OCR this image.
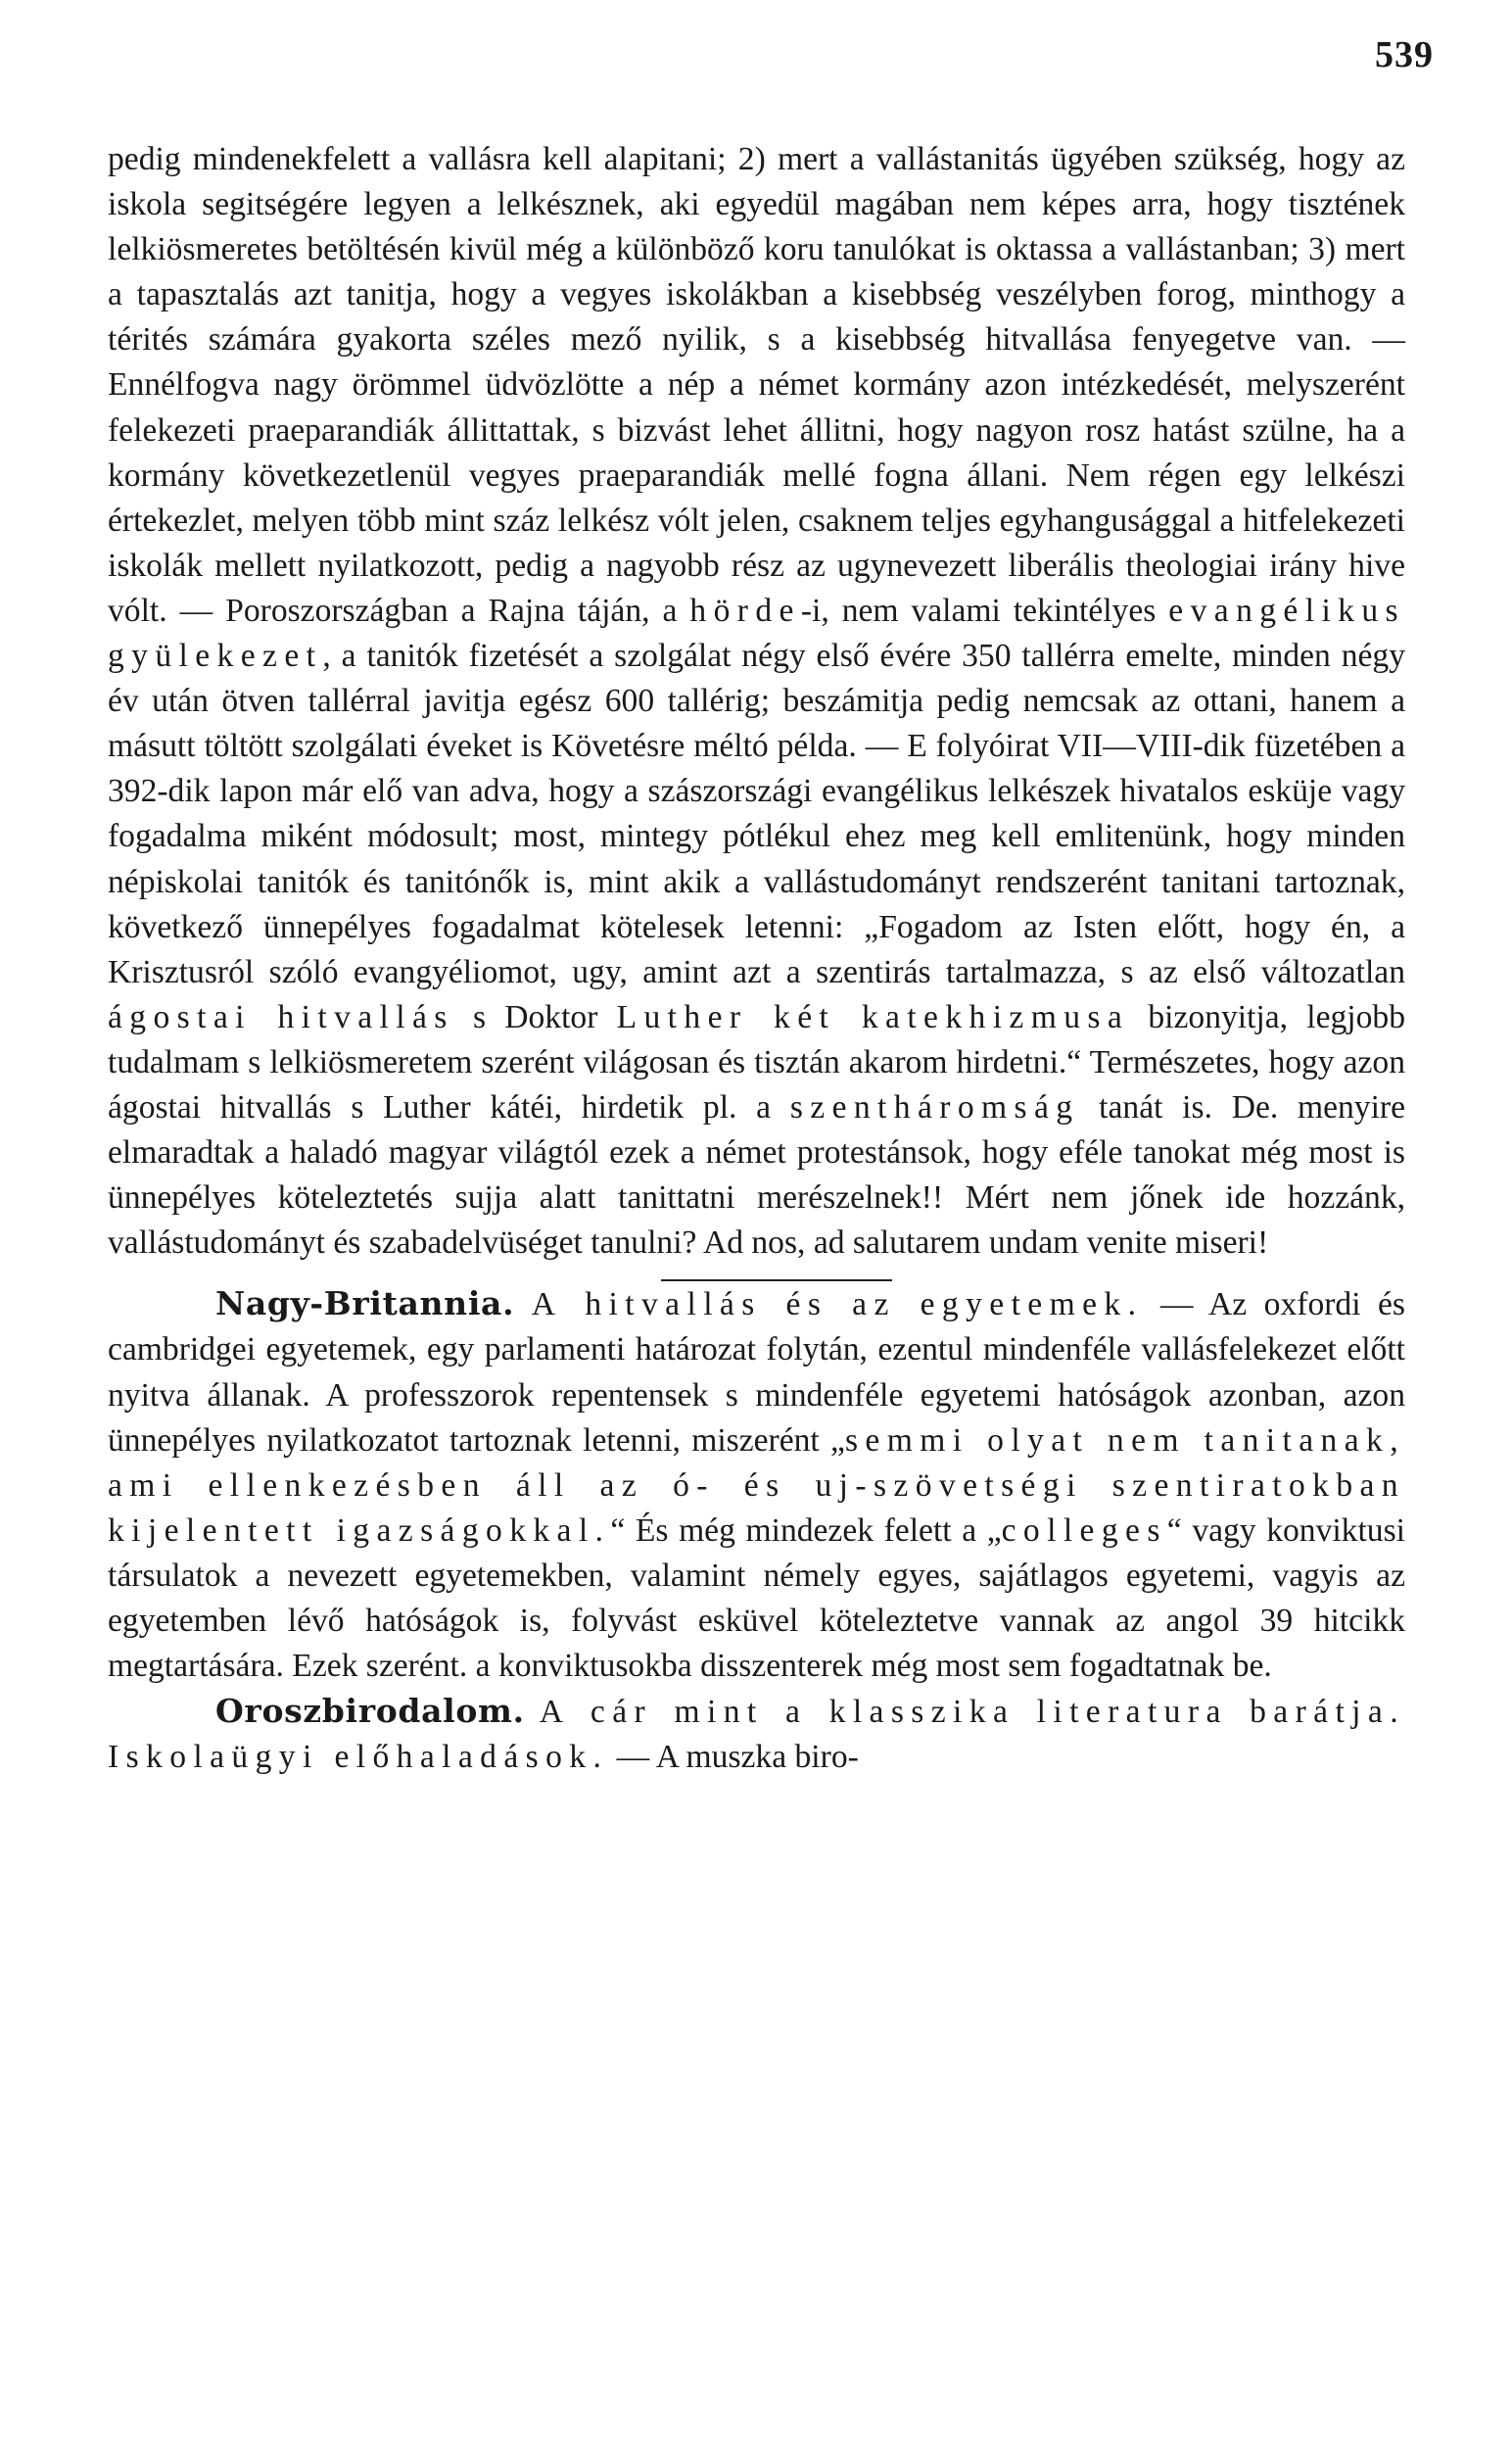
539

pedig mindenekfelett a vallásra kell alapitani; 2) mert a vallástanitás ügyében szükség, hogy az iskola segitségére legyen a lelkésznek, aki egyedül magában nem képes arra, hogy tisztének lelkiösmeretes betöltésén kivül még a különböző koru tanulókat is oktassa a vallástanban; 3) mert a tapasztalás azt tanitja, hogy a vegyes iskolákban a kisebbség veszélyben forog, minthogy a térités számára gyakorta széles mező nyilik, s a kisebbség hitvallása fenyegetve van. — Ennélfogva nagy örömmel üdvözlötte a nép a német kormány azon intézkedését, melyszerént felekezeti praeparandiák állittattak, s bizvást lehet állitni, hogy nagyon rosz hatást szülne, ha a kormány következetlenül vegyes praeparandiák mellé fogna állani. Nem régen egy lelkészi értekezlet, melyen több mint száz lelkész vólt jelen, csaknem teljes egyhangusággal a hitfelekezeti iskolák mellett nyilatkozott, pedig a nagyobb rész az ugynevezett liberális theologiai irány hive vólt. — Poroszországban a Rajna táján, a hörde-i, nem valami tekintélyes evangélikus gyülekezet, a tanitók fizetését a szolgálat négy első évére 350 tallérra emelte, minden négy év után ötven tallérral javitja egész 600 tallérig; beszámitja pedig nemcsak az ottani, hanem a másutt töltött szolgálati éveket is Követésre méltó példa. — E folyóirat VII—VIII-dik füzetében a 392-dik lapon már elő van adva, hogy a szászországi evangélikus lelkészek hivatalos esküje vagy fogadalma miként módosult; most, mintegy pótlékul ehez meg kell emlitenünk, hogy minden népiskolai tanitók és tanitónők is, mint akik a vallástudományt rendszerént tanitani tartoznak, következő ünnepélyes fogadalmat kötelesek letenni: „Fogadom az Isten előtt, hogy én, a Krisztusról szóló evangyéliomot, ugy, amint azt a szentirás tartalmazza, s az első változatlan ágostai hitvallás s Doktor Luther két katekhizmusa bizonyitja, legjobb tudalmam s lelkiösmeretem szerént világosan és tisztán akarom hirdetni.“ Természetes, hogy azon ágostai hitvallás s Luther kátéi, hirdetik pl. a szentháromság tanát is. De. menyire elmaradtak a haladó magyar világtól ezek a német protestánsok, hogy eféle tanokat még most is ünnepélyes köteleztetés sujja alatt tanittatni merészelnek!! Mért nem jőnek ide hozzánk, vallástudományt és szabadelvüséget tanulni? Ad nos, ad salutarem undam venite miseri!

Nagy-Britannia. A hitvallás és az egyetemek. — Az oxfordi és cambridgei egyetemek, egy parlamenti határozat folytán, ezentul mindenféle vallásfelekezet előtt nyitva állanak. A professzorok repentensek s mindenféle egyetemi hatóságok azonban, azon ünnepélyes nyilatkozatot tartoznak letenni, miszerént „semmi olyat nem tanitanak, ami ellenkezésben áll az ó- és uj-szövetségi szentiratokban kijelentett igazságokkal.“ És még mindezek felett a „colleges“ vagy konviktusi társulatok a nevezett egyetemekben, valamint némely egyes, sajátlagos egyetemi, vagyis az egyetemben lévő hatóságok is, folyvást esküvel köteleztetve vannak az angol 39 hitcikk megtartására. Ezek szerént. a konviktusokba disszenterek még most sem fogadtatnak be.

Oroszbirodalom. A cár mint a klasszika literatura barátja. Iskolaügyi előhaladások. — A muszka biro-
